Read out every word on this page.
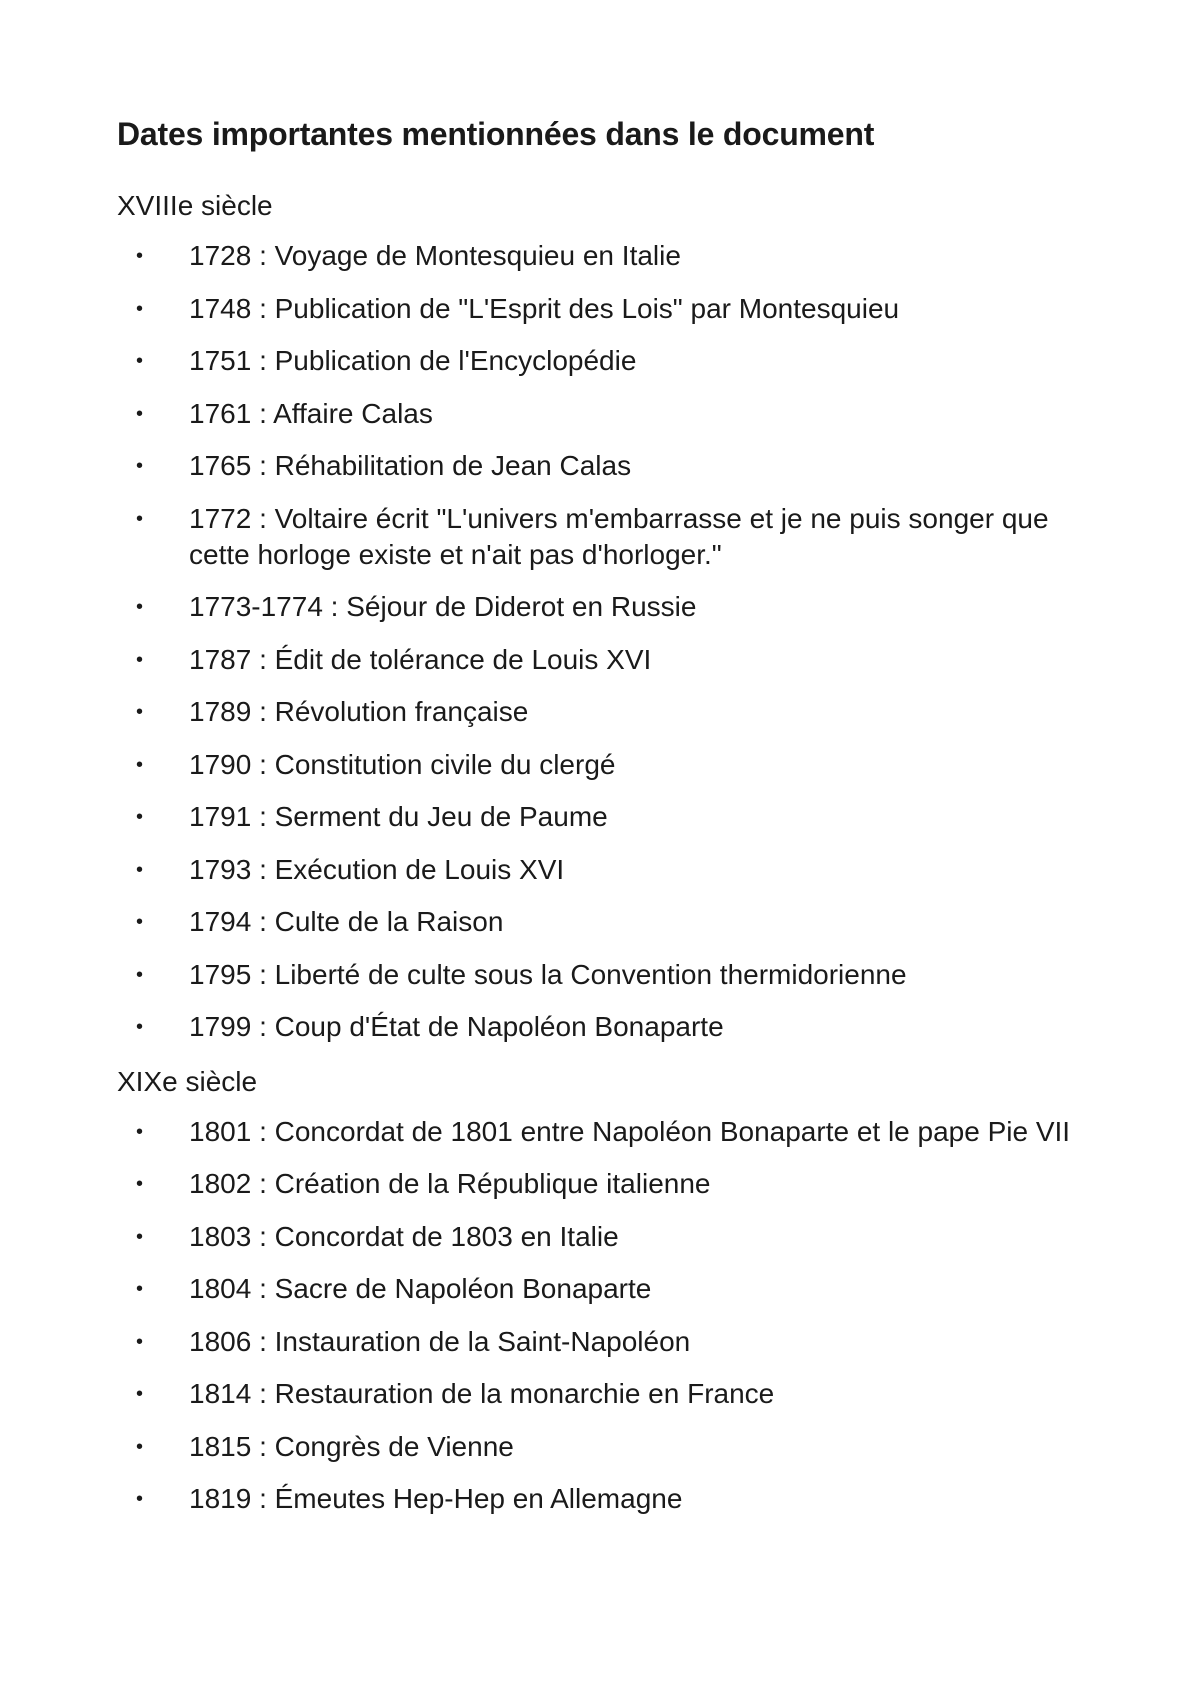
Dates importantes mentionnées dans le document
XVIIIe siècle
• 1728 : Voyage de Montesquieu en Italie
• 1748 : Publication de "L'Esprit des Lois" par Montesquieu
• 1751 : Publication de l'Encyclopédie
• 1761 : Affaire Calas
• 1765 : Réhabilitation de Jean Calas
• 1772 : Voltaire écrit "L'univers m'embarrasse et je ne puis songer que cette horloge existe et n'ait pas d'horloger."
• 1773-1774 : Séjour de Diderot en Russie
• 1787 : Édit de tolérance de Louis XVI
• 1789 : Révolution française
• 1790 : Constitution civile du clergé
• 1791 : Serment du Jeu de Paume
• 1793 : Exécution de Louis XVI
• 1794 : Culte de la Raison
• 1795 : Liberté de culte sous la Convention thermidorienne
• 1799 : Coup d'État de Napoléon Bonaparte
XIXe siècle
• 1801 : Concordat de 1801 entre Napoléon Bonaparte et le pape Pie VII
• 1802 : Création de la République italienne
• 1803 : Concordat de 1803 en Italie
• 1804 : Sacre de Napoléon Bonaparte
• 1806 : Instauration de la Saint-Napoléon
• 1814 : Restauration de la monarchie en France
• 1815 : Congrès de Vienne
• 1819 : Émeutes Hep-Hep en Allemagne
